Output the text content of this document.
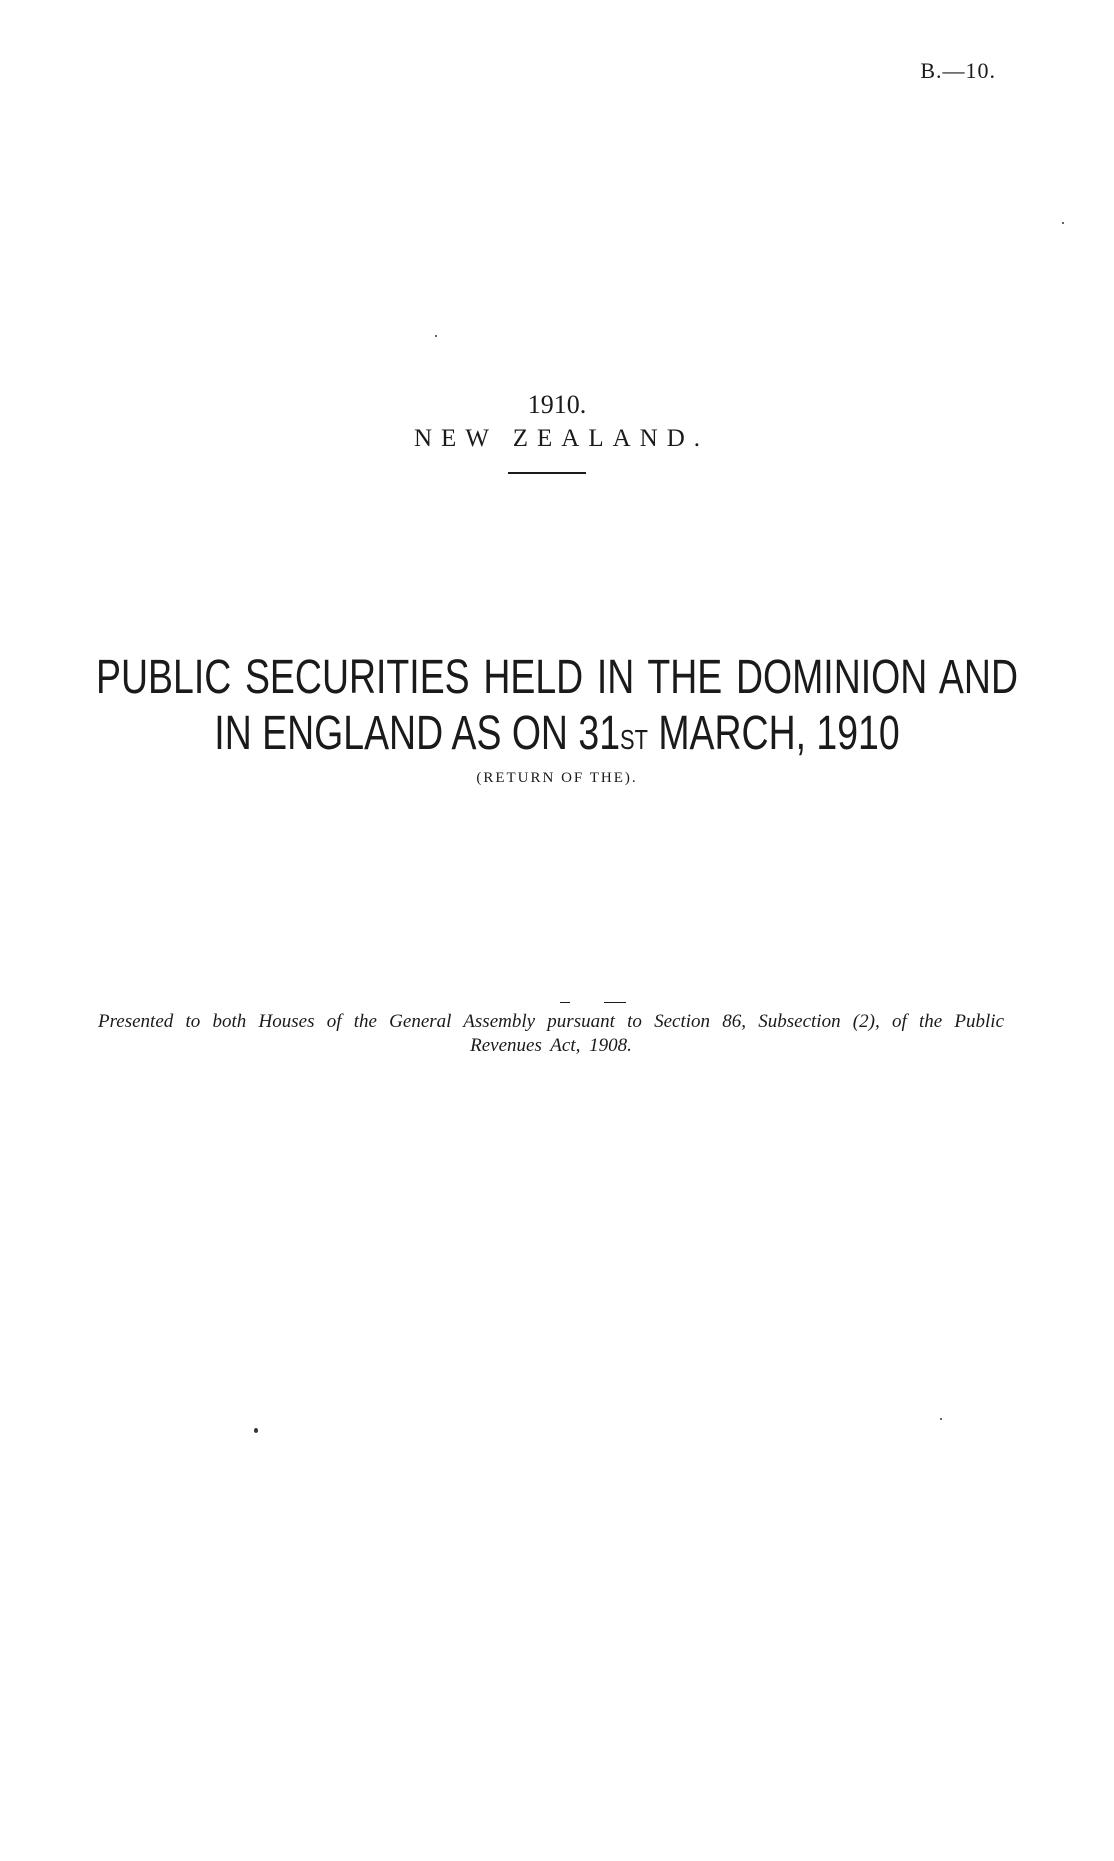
B.—10.
1910.
NEW ZEALAND.
PUBLIC SECURITIES HELD IN THE DOMINION AND
IN ENGLAND AS ON 31ST MARCH, 1910
(RETURN OF THE).
Presented to both Houses of the General Assembly pursuant to Section 86, Subsection (2), of the Public Revenues Act, 1908.
